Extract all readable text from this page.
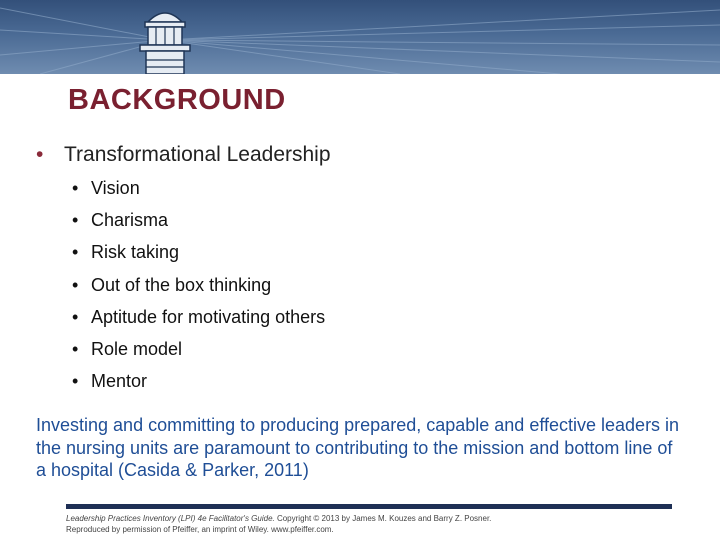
BACKGROUND
• Transformational Leadership
• Vision
• Charisma
• Risk taking
• Out of the box thinking
• Aptitude for motivating others
• Role model
• Mentor
Investing and committing to producing prepared, capable and effective leaders in the nursing units are paramount to contributing to the mission and bottom line of a hospital (Casida & Parker, 2011)
Leadership Practices Inventory (LPI) 4e Facilitator's Guide. Copyright © 2013 by James M. Kouzes and Barry Z. Posner.
Reproduced by permission of Pfeiffer, an imprint of Wiley. www.pfeiffer.com.
